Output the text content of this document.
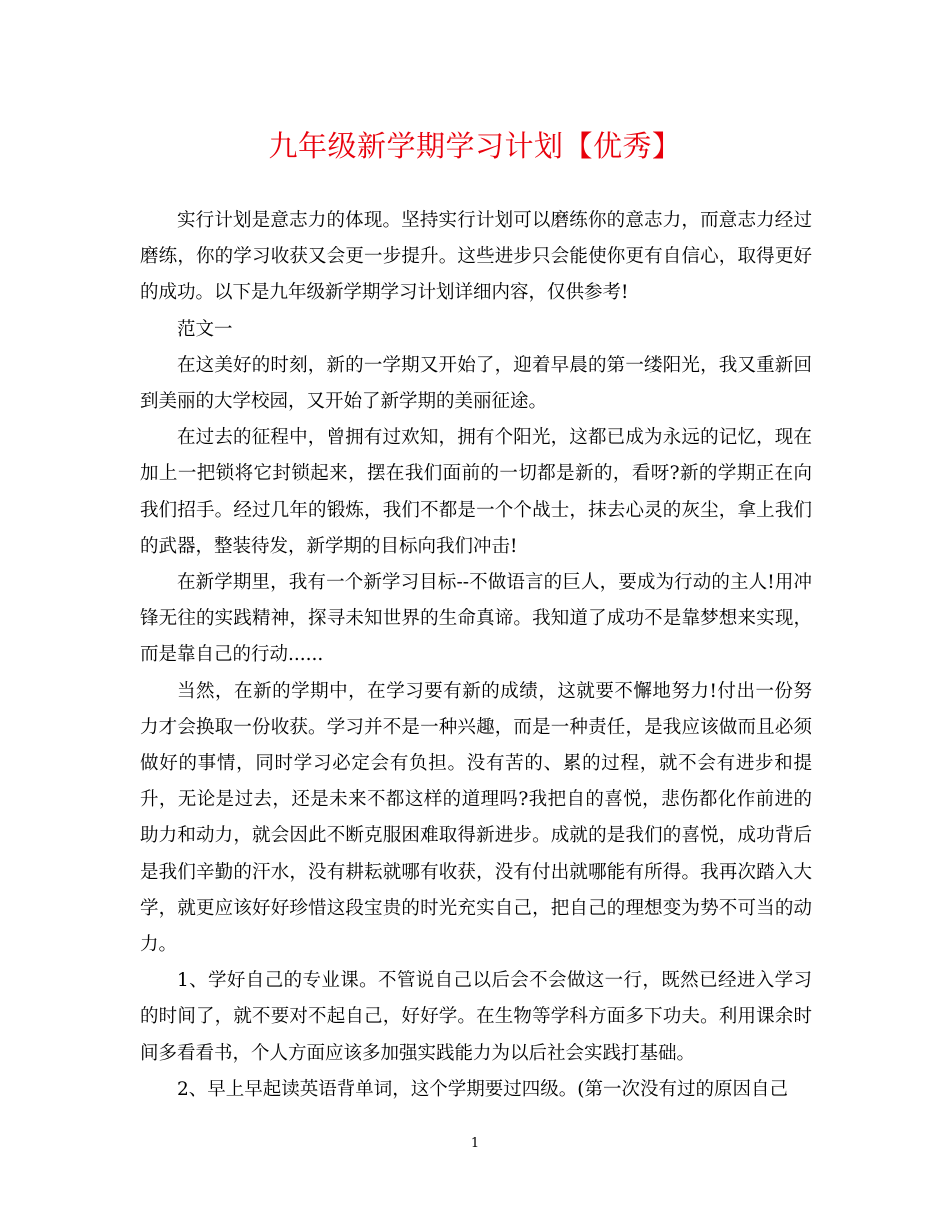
九年级新学期学习计划【优秀】

实行计划是意志力的体现。坚持实行计划可以磨练你的意志力，而意志力经过磨练，你的学习收获又会更一步提升。这些进步只会能使你更有自信心，取得更好的成功。以下是九年级新学期学习计划详细内容，仅供参考!

范文一

在这美好的时刻，新的一学期又开始了，迎着早晨的第一缕阳光，我又重新回到美丽的大学校园，又开始了新学期的美丽征途。

在过去的征程中，曾拥有过欢知，拥有个阳光，这都已成为永远的记忆，现在加上一把锁将它封锁起来，摆在我们面前的一切都是新的，看呀?新的学期正在向我们招手。经过几年的锻炼，我们不都是一个个战士，抹去心灵的灰尘，拿上我们的武器，整装待发，新学期的目标向我们冲击!

在新学期里，我有一个新学习目标--不做语言的巨人，要成为行动的主人!用冲锋无往的实践精神，探寻未知世界的生命真谛。我知道了成功不是靠梦想来实现，而是靠自己的行动......

当然，在新的学期中，在学习要有新的成绩，这就要不懈地努力!付出一份努力才会换取一份收获。学习并不是一种兴趣，而是一种责任，是我应该做而且必须做好的事情，同时学习必定会有负担。没有苦的、累的过程，就不会有进步和提升，无论是过去，还是未来不都这样的道理吗?我把自的喜悦，悲伤都化作前进的助力和动力，就会因此不断克服困难取得新进步。成就的是我们的喜悦，成功背后是我们辛勤的汗水，没有耕耘就哪有收获，没有付出就哪能有所得。我再次踏入大学，就更应该好好珍惜这段宝贵的时光充实自己，把自己的理想变为势不可当的动力。

1、学好自己的专业课。不管说自己以后会不会做这一行，既然已经进入学习的时间了，就不要对不起自己，好好学。在生物等学科方面多下功夫。利用课余时间多看看书，个人方面应该多加强实践能力为以后社会实践打基础。

2、早上早起读英语背单词，这个学期要过四级。(第一次没有过的原因自己

1
